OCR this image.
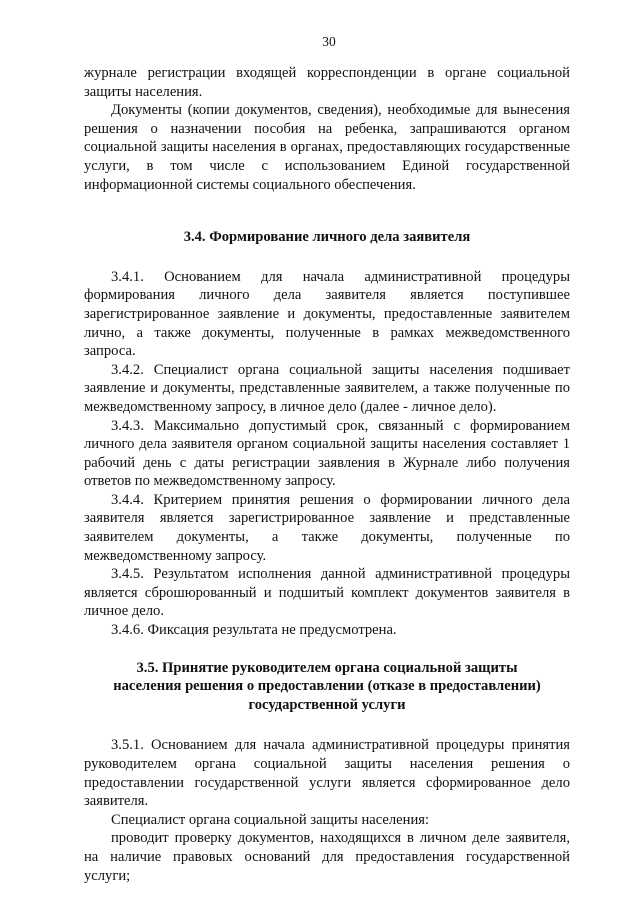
30

журнале регистрации входящей корреспонденции в органе социальной защиты населения.

Документы (копии документов, сведения), необходимые для вынесения решения о назначении пособия на ребенка, запрашиваются органом социальной защиты населения в органах, предоставляющих государственные услуги, в том числе с использованием Единой государственной информационной системы социального обеспечения.

3.4. Формирование личного дела заявителя

3.4.1. Основанием для начала административной процедуры формирования личного дела заявителя является поступившее зарегистрированное заявление и документы, предоставленные заявителем лично, а также документы, полученные в рамках межведомственного запроса.

3.4.2. Специалист органа социальной защиты населения подшивает заявление и документы, представленные заявителем, а также полученные по межведомственному запросу, в личное дело (далее - личное дело).

3.4.3. Максимально допустимый срок, связанный с формированием личного дела заявителя органом социальной защиты населения составляет 1 рабочий день с даты регистрации заявления в Журнале либо получения ответов по межведомственному запросу.

3.4.4. Критерием принятия решения о формировании личного дела заявителя является зарегистрированное заявление и представленные заявителем документы, а также документы, полученные по межведомственному запросу.

3.4.5. Результатом исполнения данной административной процедуры является сброшюрованный и подшитый комплект документов заявителя в личное дело.

3.4.6. Фиксация результата не предусмотрена.

3.5. Принятие руководителем органа социальной защиты населения решения о предоставлении (отказе в предоставлении) государственной услуги

3.5.1. Основанием для начала административной процедуры принятия руководителем органа социальной защиты населения решения о предоставлении государственной услуги является сформированное дело заявителя.

Специалист органа социальной защиты населения:

проводит проверку документов, находящихся в личном деле заявителя, на наличие правовых оснований для предоставления государственной услуги;
